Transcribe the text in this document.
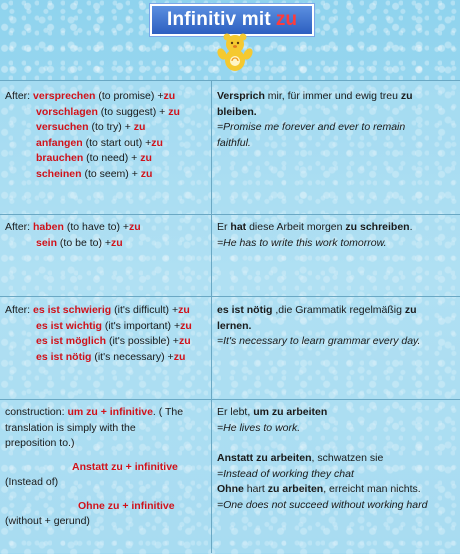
Infinitiv mit zu
After: versprechen (to promise) +zu
vorschlagen (to suggest) + zu
versuchen (to try) + zu
anfangen (to start out) +zu
brauchen (to need) + zu
scheinen (to seem) + zu
Versprich mir, für immer und ewig treu zu
bleiben.
=Promise me forever and ever to remain
faithful.
After: haben (to have to) +zu
sein (to be to) +zu
Er hat diese Arbeit morgen zu schreiben.
=He has to write this work tomorrow.
After: es ist schwierig (it's difficult) +zu
es ist wichtig (it's important) +zu
es ist möglich (it's possible) +zu
es ist nötig (it's necessary) +zu
es ist nötig ,die Grammatik regelmäßig zu
lernen.
=It's necessary to learn grammar every day.
construction: um zu + infinitive. ( The
translation is simply with the
preposition to.)
Anstatt zu + infinitive
(Instead of)
Ohne zu + infinitive
(without + gerund)
Er lebt, um zu arbeiten
=He lives to work.
Anstatt zu arbeiten, schwatzen sie
=Instead of working they chat
Ohne hart zu arbeiten, erreicht man nichts.
=One does not succeed without working hard
